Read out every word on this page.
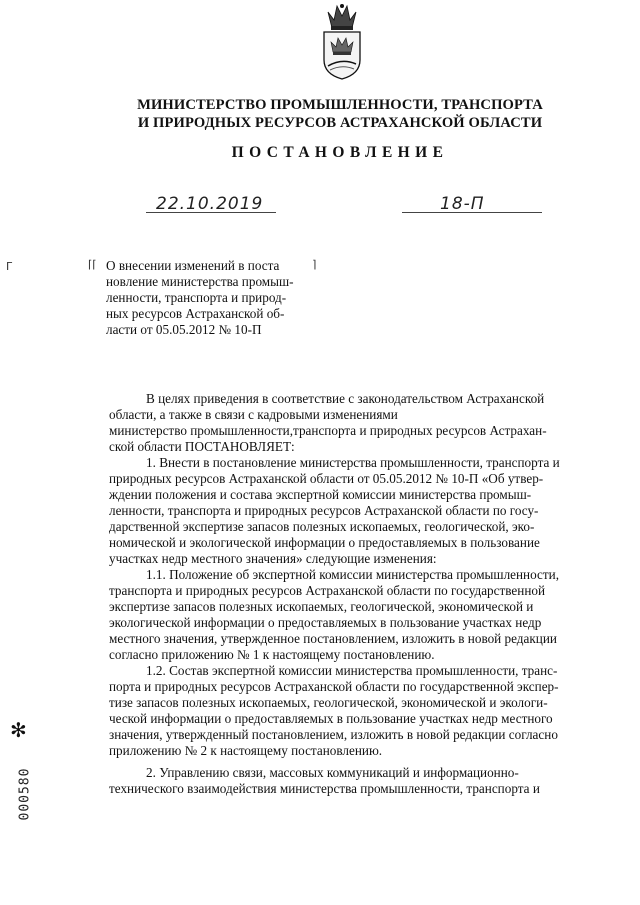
МИНИСТЕРСТВО ПРОМЫШЛЕННОСТИ, ТРАНСПОРТА
И ПРИРОДНЫХ РЕСУРСОВ АСТРАХАНСКОЙ ОБЛАСТИ
ПОСТАНОВЛЕНИЕ
22.10.2019	18-П
Г	⌈⌈	⌉
О внесении изменений в поста
новление министерства промыш-
ленности, транспорта и природ-
ных ресурсов Астраханской об-
ласти от 05.05.2012 № 10-П
В целях приведения в соответствие с законодательством Астраханской
области, а также в связи с кадровыми изменениями
министерство промышленности,транспорта и природных ресурсов Астрахан-
ской области ПОСТАНОВЛЯЕТ:
1. Внести в постановление министерства промышленности, транспорта и
природных ресурсов Астраханской области от 05.05.2012 № 10-П «Об утвер-
ждении положения и состава экспертной комиссии министерства промыш-
ленности, транспорта и природных ресурсов Астраханской области по госу-
дарственной экспертизе запасов полезных ископаемых, геологической, эко-
номической и экологической информации о предоставляемых в пользование
участках недр местного значения» следующие изменения:
1.1. Положение об экспертной комиссии министерства промышленности,
транспорта и природных ресурсов Астраханской области по государственной
экспертизе запасов полезных ископаемых, геологической, экономической и
экологической информации о предоставляемых в пользование участках недр
местного значения, утвержденное постановлением, изложить в новой редакции
согласно приложению № 1 к настоящему постановлению.
1.2. Состав экспертной комиссии министерства промышленности, транс-
порта и природных ресурсов Астраханской области по государственной экспер-
тизе запасов полезных ископаемых, геологической, экономической и экологи-
ческой информации о предоставляемых в пользование участках недр местного
значения, утвержденный постановлением, изложить в новой редакции согласно
приложению № 2 к настоящему постановлению.
2. Управлению связи, массовых коммуникаций и информационно-
технического взаимодействия министерства промышленности, транспорта и
✻
000580
